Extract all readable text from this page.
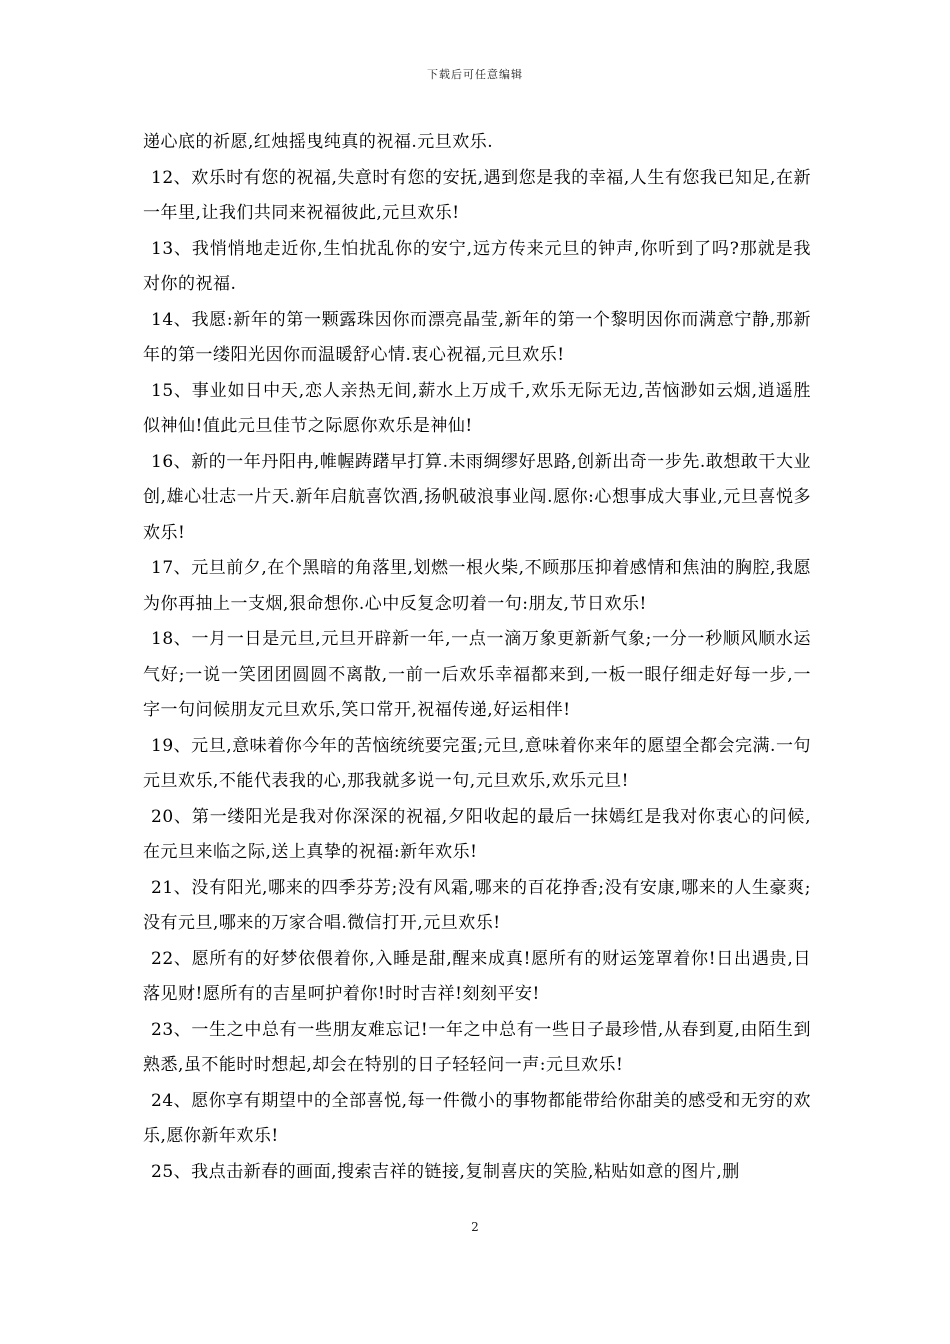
下载后可任意编辑

递心底的祈愿,红烛摇曳纯真的祝福.元旦欢乐.

12、欢乐时有您的祝福,失意时有您的安抚,遇到您是我的幸福,人生有您我已知足,在新一年里,让我们共同来祝福彼此,元旦欢乐!

13、我悄悄地走近你,生怕扰乱你的安宁,远方传来元旦的钟声,你听到了吗?那就是我对你的祝福.

14、我愿:新年的第一颗露珠因你而漂亮晶莹,新年的第一个黎明因你而满意宁静,那新年的第一缕阳光因你而温暖舒心情.衷心祝福,元旦欢乐!

15、事业如日中天,恋人亲热无间,薪水上万成千,欢乐无际无边,苦恼渺如云烟,逍遥胜似神仙!值此元旦佳节之际愿你欢乐是神仙!

16、新的一年丹阳冉,帷幄踌躇早打算.未雨绸缪好思路,创新出奇一步先.敢想敢干大业创,雄心壮志一片天.新年启航喜饮酒,扬帆破浪事业闯.愿你:心想事成大事业,元旦喜悦多欢乐!

17、元旦前夕,在个黑暗的角落里,划燃一根火柴,不顾那压抑着感情和焦油的胸腔,我愿为你再抽上一支烟,狠命想你.心中反复念叨着一句:朋友,节日欢乐!

18、一月一日是元旦,元旦开辟新一年,一点一滴万象更新新气象;一分一秒顺风顺水运气好;一说一笑团团圆圆不离散,一前一后欢乐幸福都来到,一板一眼仔细走好每一步,一字一句问候朋友元旦欢乐,笑口常开,祝福传递,好运相伴!

19、元旦,意味着你今年的苦恼统统要完蛋;元旦,意味着你来年的愿望全都会完满.一句元旦欢乐,不能代表我的心,那我就多说一句,元旦欢乐,欢乐元旦!

20、第一缕阳光是我对你深深的祝福,夕阳收起的最后一抹嫣红是我对你衷心的问候,在元旦来临之际,送上真挚的祝福:新年欢乐!

21、没有阳光,哪来的四季芬芳;没有风霜,哪来的百花挣香;没有安康,哪来的人生豪爽;没有元旦,哪来的万家合唱.微信打开,元旦欢乐!

22、愿所有的好梦依偎着你,入睡是甜,醒来成真!愿所有的财运笼罩着你!日出遇贵,日落见财!愿所有的吉星呵护着你!时时吉祥!刻刻平安!

23、一生之中总有一些朋友难忘记!一年之中总有一些日子最珍惜,从春到夏,由陌生到熟悉,虽不能时时想起,却会在特别的日子轻轻问一声:元旦欢乐!

24、愿你享有期望中的全部喜悦,每一件微小的事物都能带给你甜美的感受和无穷的欢乐,愿你新年欢乐!

25、我点击新春的画面,搜索吉祥的链接,复制喜庆的笑脸,粘贴如意的图片,删

2
